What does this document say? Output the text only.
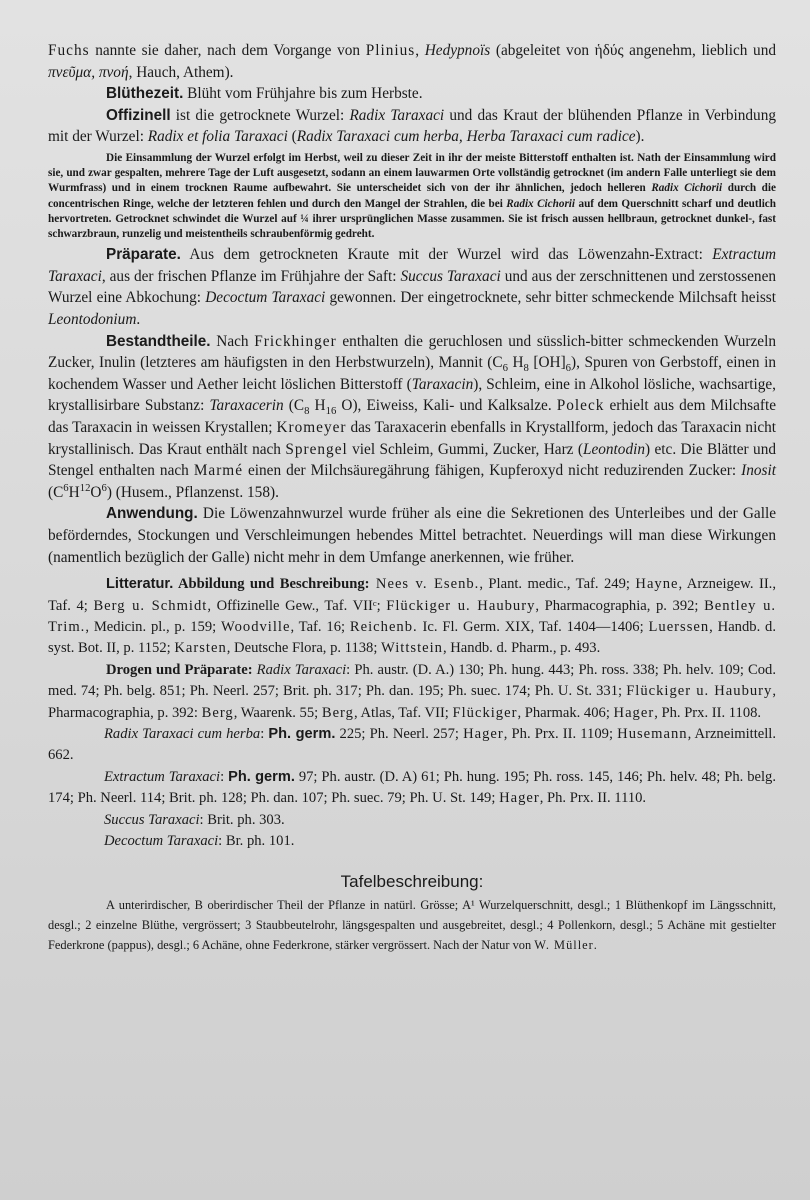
Fuchs nannte sie daher, nach dem Vorgange von Plinius, Hedypnoïs (abgeleitet von ἡδύς angenehm, lieblich und πνεῦμα, πνοή, Hauch, Athem).

Blüthezeit. Blüht vom Frühjahre bis zum Herbste.

Offizinell ist die getrocknete Wurzel: Radix Taraxaci und das Kraut der blühenden Pflanze in Verbindung mit der Wurzel: Radix et folia Taraxaci (Radix Taraxaci cum herba, Herba Taraxaci cum radice).

Die Einsammlung der Wurzel erfolgt im Herbst, weil zu dieser Zeit in ihr der meiste Bitterstoff enthalten ist. Nath der Einsammlung wird sie, und zwar gespalten, mehrere Tage der Luft ausgesetzt, sodann an einem lauwarmen Orte vollständig getrocknet (im andern Falle unterliegt sie dem Wurmfrass) und in einem trocknen Raume aufbewahrt. Sie unterscheidet sich von der ihr ähnlichen, jedoch helleren Radix Cichorii durch die concentrischen Ringe, welche der letzteren fehlen und durch den Mangel der Strahlen, die bei Radix Cichorii auf dem Querschnitt scharf und deutlich hervortreten. Getrocknet schwindet die Wurzel auf ¼ ihrer ursprünglichen Masse zusammen. Sie ist frisch aussen hellbraun, getrocknet dunkel-, fast schwarzbraun, runzelig und meistentheils schraubenförmig gedreht.

Präparate. Aus dem getrockneten Kraute mit der Wurzel wird das Löwenzahn-Extract: Extractum Taraxaci, aus der frischen Pflanze im Frühjahre der Saft: Succus Taraxaci und aus der zerschnittenen und zerstossenen Wurzel eine Abkochung: Decoctum Taraxaci gewonnen. Der eingetrocknete, sehr bitter schmeckende Milchsaft heisst Leontodonium.

Bestandtheile. Nach Frickhinger enthalten die geruchlosen und süsslich-bitter schmeckenden Wurzeln Zucker, Inulin (letzteres am häufigsten in den Herbstwurzeln), Mannit ($C_6$ $H_8$ $[OH]_6$), Spuren von Gerbstoff, einen in kochendem Wasser und Aether leicht löslichen Bitterstoff (Taraxacin), Schleim, eine in Alkohol lösliche, wachsartige, krystallisirbare Substanz: Taraxacerin ($C_8$ $H_{16}$ O), Eiweiss, Kali- und Kalksalze. Poleck erhielt aus dem Milchsafte das Taraxacin in weissen Krystallen; Kromeyer das Taraxacerin ebenfalls in Krystallform, jedoch das Taraxacin nicht krystallinisch. Das Kraut enthält nach Sprengel viel Schleim, Gummi, Zucker, Harz (Leontodin) etc. Die Blätter und Stengel enthalten nach Marmé einen der Milchsäuregährung fähigen, Kupferoxyd nicht reduzirenden Zucker: Inosit $(C^6H^{12}O^6)$ (Husem., Pflanzenst. 158).

Anwendung. Die Löwenzahnwurzel wurde früher als eine die Sekretionen des Unterleibes und der Galle beförderndes, Stockungen und Verschleimungen hebendes Mittel betrachtet. Neuerdings will man diese Wirkungen (namentlich bezüglich der Galle) nicht mehr in dem Umfange anerkennen, wie früher.

Litteratur. Abbildung und Beschreibung: Nees v. Esenb., Plant. medic., Taf. 249; Hayne, Arzneigew. II., Taf. 4; Berg u. Schmidt, Offizinelle Gew., Taf. VIIᶜ; Flückiger u. Haubury, Pharmacographia, p. 392; Bentley u. Trim., Medicin. pl., p. 159; Woodville, Taf. 16; Reichenb. Ic. Fl. Germ. XIX, Taf. 1404—1406; Luerssen, Handb. d. syst. Bot. II, p. 1152; Karsten, Deutsche Flora, p. 1138; Wittstein, Handb. d. Pharm., p. 493.

Drogen und Präparate: Radix Taraxaci: Ph. austr. (D. A.) 130; Ph. hung. 443; Ph. ross. 338; Ph. helv. 109; Cod. med. 74; Ph. belg. 851; Ph. Neerl. 257; Brit. ph. 317; Ph. dan. 195; Ph. suec. 174; Ph. U. St. 331; Flückiger u. Haubury, Pharmacographia, p. 392: Berg, Waarenk. 55; Berg, Atlas, Taf. VII; Flückiger, Pharmak. 406; Hager, Ph. Prx. II. 1108.

Radix Taraxaci cum herba: Ph. germ. 225; Ph. Neerl. 257; Hager, Ph. Prx. II. 1109; Husemann, Arzneimittell. 662.

Extractum Taraxaci: Ph. germ. 97; Ph. austr. (D. A) 61; Ph. hung. 195; Ph. ross. 145, 146; Ph. helv. 48; Ph. belg. 174; Ph. Neerl. 114; Brit. ph. 128; Ph. dan. 107; Ph. suec. 79; Ph. U. St. 149; Hager, Ph. Prx. II. 1110.

Succus Taraxaci: Brit. ph. 303.

Decoctum Taraxaci: Br. ph. 101.

Tafelbeschreibung:

A unterirdischer, B oberirdischer Theil der Pflanze in natürl. Grösse; A¹ Wurzelquerschnitt, desgl.; 1 Blüthenkopf im Längsschnitt, desgl.; 2 einzelne Blüthe, vergrössert; 3 Staubbeutelrohr, längsgespalten und ausgebreitet, desgl.; 4 Pollenkorn, desgl.; 5 Achäne mit gestielter Federkrone (pappus), desgl.; 6 Achäne, ohne Federkrone, stärker vergrössert. Nach der Natur von W. Müller.
